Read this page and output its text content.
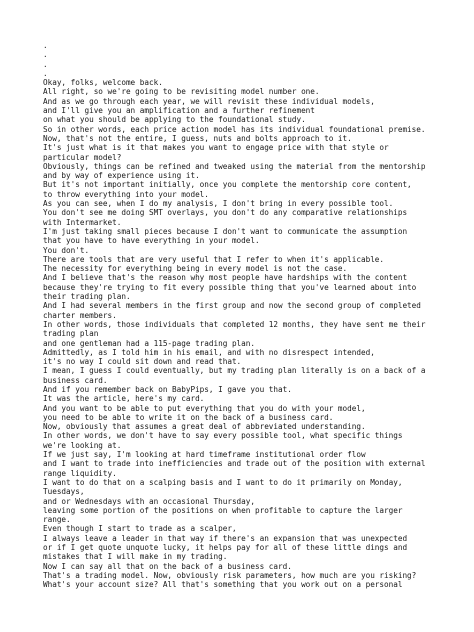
.
.
.
.
Okay, folks, welcome back.
All right, so we're going to be revisiting model number one.
And as we go through each year, we will revisit these individual models,
and I'll give you an amplification and a further refinement
on what you should be applying to the foundational study.
So in other words, each price action model has its individual foundational premise.
Now, that's not the entire, I guess, nuts and bolts approach to it.
It's just what is it that makes you want to engage price with that style or
particular model?
Obviously, things can be refined and tweaked using the material from the mentorship
and by way of experience using it.
But it's not important initially, once you complete the mentorship core content,
to throw everything into your model.
As you can see, when I do my analysis, I don't bring in every possible tool.
You don't see me doing SMT overlays, you don't do any comparative relationships
with Intermarket.
I'm just taking small pieces because I don't want to communicate the assumption
that you have to have everything in your model.
You don't.
There are tools that are very useful that I refer to when it's applicable.
The necessity for everything being in every model is not the case.
And I believe that's the reason why most people have hardships with the content
because they're trying to fit every possible thing that you've learned about into
their trading plan.
And I had several members in the first group and now the second group of completed
charter members.
In other words, those individuals that completed 12 months, they have sent me their
trading plan
and one gentleman had a 115-page trading plan.
Admittedly, as I told him in his email, and with no disrespect intended,
it's no way I could sit down and read that.
I mean, I guess I could eventually, but my trading plan literally is on a back of a
business card.
And if you remember back on BabyPips, I gave you that.
It was the article, here's my card.
And you want to be able to put everything that you do with your model,
you need to be able to write it on the back of a business card.
Now, obviously that assumes a great deal of abbreviated understanding.
In other words, we don't have to say every possible tool, what specific things
we're looking at.
If we just say, I'm looking at hard timeframe institutional order flow
and I want to trade into inefficiencies and trade out of the position with external
range liquidity.
I want to do that on a scalping basis and I want to do it primarily on Monday,
Tuesdays,
and or Wednesdays with an occasional Thursday,
leaving some portion of the positions on when profitable to capture the larger
range.
Even though I start to trade as a scalper,
I always leave a leader in that way if there's an expansion that was unexpected
or if I get quote unquote lucky, it helps pay for all of these little dings and
mistakes that I will make in my trading.
Now I can say all that on the back of a business card.
That's a trading model. Now, obviously risk parameters, how much are you risking?
What's your account size? All that's something that you work out on a personal
